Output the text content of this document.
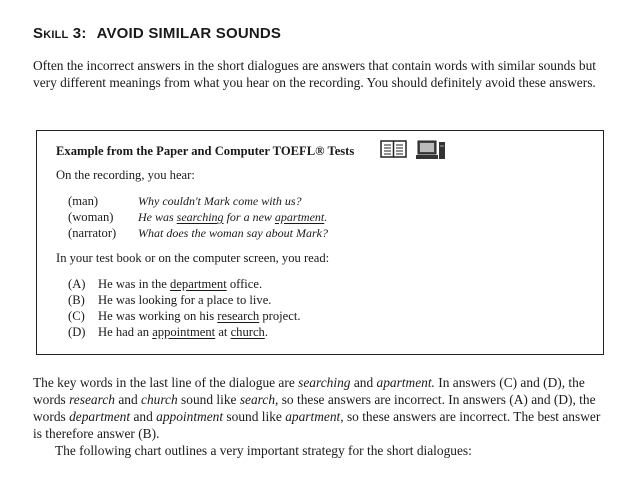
Skill 3: AVOID SIMILAR SOUNDS

Often the incorrect answers in the short dialogues are answers that contain words with similar sounds but very different meanings from what you hear on the recording. You should definitely avoid these answers.

Example from the Paper and Computer TOEFL® Tests
On the recording, you hear:
(man)	Why couldn't Mark come with us?
(woman) He was searching for a new apartment.
(narrator) What does the woman say about Mark?
In your test book or on the computer screen, you read:
(A) He was in the department office.
(B) He was looking for a place to live.
(C) He was working on his research project.
(D) He had an appointment at church.

The key words in the last line of the dialogue are searching and apartment. In answers (C) and (D), the words research and church sound like search, so these answers are incorrect. In answers (A) and (D), the words department and appointment sound like apartment, so these answers are incorrect. The best answer is therefore answer (B).

The following chart outlines a very important strategy for the short dialogues:
